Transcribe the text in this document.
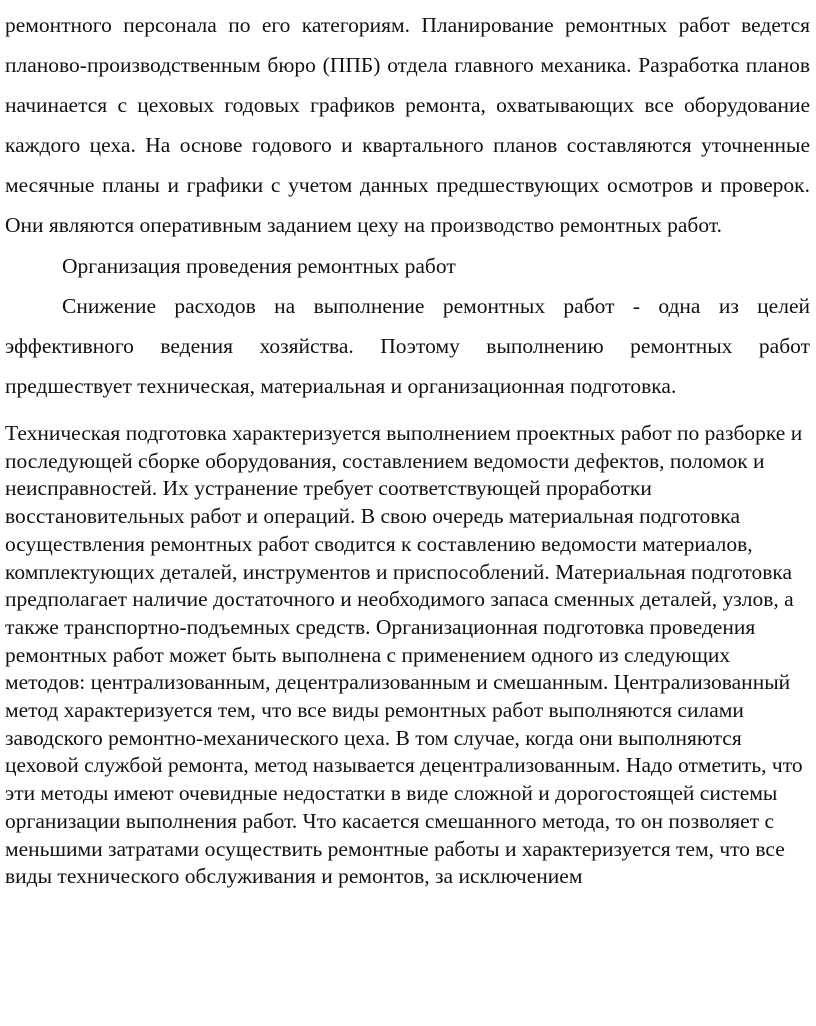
ремонтного персонала по его категориям. Планирование ремонтных работ ведется планово-производственным бюро (ППБ) отдела главного механика. Разработка планов начинается с цеховых годовых графиков ремонта, охватывающих все оборудование каждого цеха. На основе годового и квартального планов составляются уточненные месячные планы и графики с учетом данных предшествующих осмотров и проверок. Они являются оперативным заданием цеху на производство ремонтных работ.

Организация проведения ремонтных работ

Снижение расходов на выполнение ремонтных работ - одна из целей эффективного ведения хозяйства. Поэтому выполнению ремонтных работ предшествует техническая, материальная и организационная подготовка.

Техническая подготовка характеризуется выполнением проектных работ по разборке и последующей сборке оборудования, составлением ведомости дефектов, поломок и неисправностей. Их устранение требует соответствующей проработки восстановительных работ и операций. В свою очередь материальная подготовка осуществления ремонтных работ сводится к составлению ведомости материалов, комплектующих деталей, инструментов и приспособлений. Материальная подготовка предполагает наличие достаточного и необходимого запаса сменных деталей, узлов, а также транспортно-подъемных средств. Организационная подготовка проведения ремонтных работ может быть выполнена с применением одного из следующих методов: централизованным, децентрализованным и смешанным. Централизованный метод характеризуется тем, что все виды ремонтных работ выполняются силами заводского ремонтно-механического цеха. В том случае, когда они выполняются цеховой службой ремонта, метод называется децентрализованным. Надо отметить, что эти методы имеют очевидные недостатки в виде сложной и дорогостоящей системы организации выполнения работ. Что касается смешанного метода, то он позволяет с меньшими затратами осуществить ремонтные работы и характеризуется тем, что все виды технического обслуживания и ремонтов, за исключением
